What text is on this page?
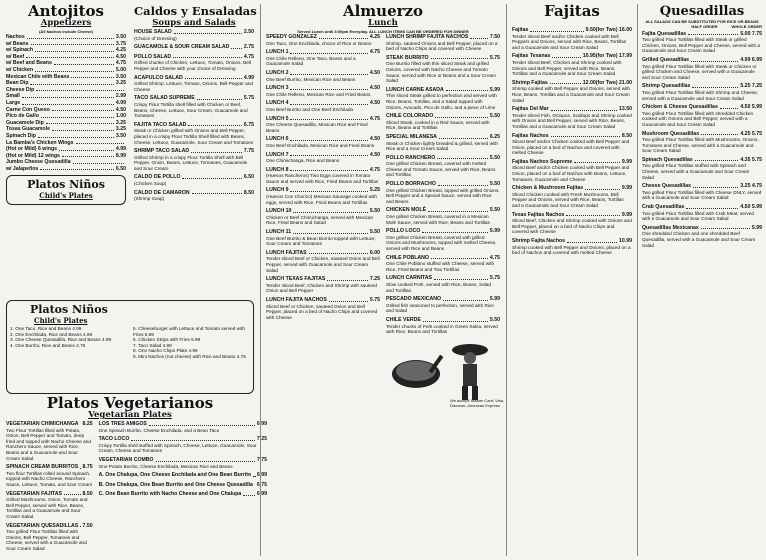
Antojitos
Appetizers
(All Nachos include Cheese)
Nachos	3.50
w/ Beans	3.75
w/ Spinach	4.25
w/ Beef	4.50
w/ Beef and Beans	4.75
w/ Chicken	5.00
Mexican Chile with Beans	3.50
Bean Dip	3.25
Cheese Dip
Small	2.99
Large	4.99
Carne Con Queso	4.50
Pico de Gallo	1.00
Guacamole Dip	3.25
Tosas Guacamole	3.25
Spinach Dip	3.50
La Bamba's Chicken Wings
(Hot or Mild) 6 wings	4.99
(Hot or Mild) 12 wings	8.99
Jumbo Cheese Quesadilla
w/ Jalapeños	6.50
Platos Niños
Child's Plates
Platos Niños
Child's Plates
1. One Taco, Rice and Beans 4.99
2. One Enchilada, Rice and Beans 4.99
3. One Cheese Quesadilla, Rice and Beans 4.99
4. One Burrito, Rice and Beans 4.75
5. Cheeseburger with Lettuce and Tomato served with Fries 5.99
6. Chicken Strips with Fries 5.99
7. Taco Salad 4.99
8. One Nacho Chips Plate 4.99
9. Mini Nachos (not cheese) with Rice and Beans 4.75
Platos Vegetarianos
Vegetarian Plates
VEGETARIAN CHIMICHANGA 8.25
Two Flour Tortillas filled with Potato, Onion, Bell Pepper and Tomato, deep fried and topped with Nacho Cheese and Ranchero Sauce, served with Rice, Beans and a Guacamole and Sour Cream Salad
SPINACH CREAM BURRITOS 8.75
Two flour Tortillas rolled around Spinach, topped with Nacho Cheese, Ranchero Sauce, Lettuce, Tomato, and Sour Cream
VEGETARIAN FAJITAS	8.50
Grilled Mushrooms, Onion, Tomato and Bell Pepper, served with Rice, Beans, Tortillas and a Guacamole and Sour Cream Salad
VEGETARIAN QUESADILLAS 7.50
Two grilled Flour Tortillas filled with Onions, Bell Pepper, Tomatoes and Cheese, served with a Guacamole and Sour Cream Salad
LOS TRES AMIGOS	6.99
One Spinach Burrito, Cheese Enchilada, and a Bean Taco
TACO LOCO	7.25
Crispy Tortilla shell stuffed with Spinach, Cheese, Lettuce, Guacamole, Sour Cream, Cheese and Tomatoes
VEGETARIAN COMBO	7.75
One Potato Burrito, Cheese Enchilada, Mexican Rice and Beans
A. One Chalupa, One Cheese Enchilada and One Bean Burrito 6.99
B. One Chalupa, One Bean Burrito and One Cheese Quesadilla 6.75
C. One Bean Burrito with Nacho Cheese and One Chalupa	6.99
Caldos y Ensaladas
Soups and Salads
HOUSE SALAD	2.50
(Choice of Dressing)
GUACAMOLE & SOUR CREAM SALAD	2.75
POLLO SALAD	4.75
Grilled chunks of Chicken, Lettuce, Tomato, Onions, Bell Pepper and Cheese with your choice of Dressing
ACAPULCO SALAD	4.99
Grilled Shrimp, Lettuce, Tomato, Onions, Bell Pepper and Cheese
TACO SALAD SUPREME	5.75
Crispy Flour Tortilla shell filled with Chicken or Beef, Beans, Cheese, Lettuce, Sour Cream, Guacamole and Tomatoes
FAJITA TACO SALAD	6.75
Steak or Chicken grilled with Onions and Bell Pepper, placed in a crispy Flour Tortilla Shell filled with Beans, Cheese, Lettuce, Guacamole, Sour Cream and Tomatoes
SHRIMP TACO SALAD	7.75
Grilled Shrimp in a crispy Flour Tortilla Shell with Bell Pepper, Onion, Beans, Lettuce, Tomatoes, Guacamole and Sour Cream
CALDO DE POLLO	6.50
(Chicken Soup)
CALDO DE CAMARON	8.50
(Shrimp Soup)
Almuerzo
Lunch
Served Lunch until 3:00pm Everyday. ALL LUNCH ITEMS CAN BE ORDERED FOR DINNER
SPEEDY GONZALEZ	4.25
One Taco, One Enchilada, choice of Rice or Beans
LUNCH 1	4.75
One Chile Relleno, One Taco, Beans and a Guacamole Salad
LUNCH 2	4.50
One Beef Burrito, Mexican Rice and Beans
LUNCH 3	4.50
One Chile Relleno, Mexican Rice and Fried Beans
LUNCH 4	4.50
One Beef Burrito and One Beef Enchilada
LUNCH 5	4.75
One Cheese Quesadilla, Mexican Rice and Fried Beans
LUNCH 6	4.50
One Beef Enchilada, Mexican Rice and Fried Beans
LUNCH 7	4.50
One Chimichanga, Rice and Beans
LUNCH 8	4.75
(Huevos Rancheros) Two Eggs covered in Tomato Sauce and served with Rice, Fried Beans and Tortillas
LUNCH 9	5.25
(Huevos Con Chorizo) Mexican Sausage cooked with eggs, served with Rice, Fried Beans and Tortillas
LUNCH 10	5.50
Chicken or Beef Chimichanga, served with Mexican Rice, Fried Beans and Salad
LUNCH 11	5.50
One Beef Burrito & Bean Burrito topped with Lettuce, Sour Cream and Tomatoes
LUNCH FAJITAS	6.00
Tender sliced Beef or Chicken, sauteed Onion and Bell Pepper, served with Guacamole and Sour Cream Salad
LUNCH TEXAS FAJITAS	7.25
Tender sliced Beef, Chicken and Shrimp with sauteed Onion and Bell Pepper
LUNCH FAJITA NACHOS	5.75
Sliced Beef or Chicken, sauteed Onion and Bell Pepper, placed on a bed of Nacho Chips and covered with Cheese
LUNCH SHRIMP FAJITA NACHOS	7.50
Shrimp, sauteed Onions and Bell Pepper, placed on a bed of Nacho Chips and covered with Cheese
STEAK BURRITO	5.75
One Burrito filled with thin sliced Steak and grilled Onions, covered with Nacho Cheese and Tomato Sauce, served with Rice or Beans and a Sour Cream Salad
LUNCH CARNE ASADA	5.99
Thin sliced Steak grilled to perfection and served with Rice, Beans, Tortillas, and a Salad topped with Onions, Avocado, Pico de Gallo, and a piece of Lime
CHILE COLORADO	5.50
Sliced Steak, cooked in a Red Sauce, served with Rice, Beans and Tortillas
SPECIAL MILANESA	6.25
Steak or Chicken lightly breaded & grilled, served with Rice and a Sour Cream Salad
POLLO RANCHERO	5.50
One grilled Chicken Breast, covered with melted Cheese and Tomato Sauce, served with Rice, Beans and Tortillas
POLLO BORRACHO	5.50
One grilled Chicken Breast, topped with grilled Onions, Bell Pepper and a Special Sauce, served with Rice and Beans
CHICKEN MOLÉ	5.50
One grilled Chicken Breast, covered in a Mexican Molé Sauce, served with Rice, Beans and Tortillas
POLLO LOCO	5.99
One grilled Chicken Breast, covered with grilled Onions and Mushrooms, topped with melted Cheese, served with Rice and Beans
CHILE POBLANO	4.75
One Chile Poblano stuffed with Cheese, served with Rice, Fried Beans and Two Tortillas
LUNCH CARNITAS	5.75
Slow cooked Pork, served with Rice, Beans, Salad and Tortillas
PESCADO MEXICANO	5.99
Grilled fish seasoned to perfection, served with Rice and Salad
CHILE VERDE	5.50
Tender chucks of Pork cooked in Green Salsa, served with Rice, Beans and Tortillas
We accept: Master Card, Visa, Discover, American Express
Fajitas
Fajitas	9.50 (for Two) 16.00
Tender sliced Beef and/or Chicken cooked with Bell Peppers and Onions, served with Rice, Beans, Tortillas and a Guacamole and Sour Cream Salad
Fajitas Texanas	10.95 (for Two) 17.99
Tender sliced Beef, Chicken and Shrimp cooked with Onions and Bell Pepper, served with Rice, Beans, Tortillas and a Guacamole and Sour Cream Salad
Shrimp Fajitas	12.00 (for Two) 21.00
Shrimp cooked with Bell Pepper and Onions, served with Rice, Beans, Tortillas and a Guacamole and Sour Cream Salad
Fajitas Del Mar	13.50
Tender sliced Fish, Octopus, Scallops and Shrimp cooked with Onions and Bell Pepper, served with Rice, Beans, Tortillas and a Guacamole and Sour Cream Salad
Fajitas Nachos	8.50
Sliced Beef and/or Chicken cooked with Bell Pepper and Onion, placed on a bed of Nachos and covered with melted Cheese
Fajitas Nachos Supreme	9.99
Sliced Beef and/or Chicken cooked with Bell Pepper and Onion, placed on a bed of Nachos with Beans, Lettuce, Tomatoes, Guacamole and Cheese
Chicken & Mushroom Fajitas	9.99
Sliced Chicken cooked with Fresh Mushrooms, Bell Pepper and Onions, served with Rice, Beans, Tortillas and a Guacamole and Sour Cream Salad
Texas Fajitas Nachos	9.99
Sliced Beef, Chicken and Shrimp cooked with Onions and Bell Pepper, placed on a bed of Nacho Chips and covered with Cheese
Shrimp Fajita Nachos	10.99
Shrimp cooked with Bell Pepper and Onions, placed on a bed of Nachos and covered with melted Cheese
Quesadillas
ALL SALADS CAN BE SUBSTITUTED FOR RICE OR BEANS
HALF ORDER	WHOLE ORDER
Fajita Quesadillas	5.00 7.75
Two grilled Flour Tortillas filled with Steak or grilled Chicken, Onions, Bell Pepper and Cheese, served with a Guacamole and Sour Cream Salad
Grilled Quesadillas	4.99 6.99
Two grilled Flour Tortillas filled with Steak or Chicken or grilled Chicken and Cheese, served with a Guacamole and Sour Cream Salad
Shrimp Quesadillas	5.25 7.25
Two grilled Flour Tortillas filled with Shrimp and Cheese, served with a Guacamole and Sour Cream Salad
Chicken & Cheese Quesadillas	4.50 5.99
Two grilled Flour Tortillas filled with shredded Chicken cooked with Onions and Bell Pepper, served with a Guacamole and Sour Cream Salad
Mushroom Quesadillas	4.25 5.75
Two grilled Flour Tortillas filled with Mushrooms, Onions, Tomatoes and Cheese, served with a Guacamole and Sour Cream Salad
Spinach Quesadillas	4.35 5.75
Two grilled Flour Tortillas stuffed with Spinach and Cheese, served with a Guacamole and Sour Cream Salad
Cheese Quesadillas	3.25 4.75
Two grilled Flour Tortillas filled with Cheese ONLY, served with a Guacamole and Sour Cream Salad
Crab Quesadillas	4.50 5.99
Two grilled Flour Tortillas filled with Crab Meat, served with a Guacamole and Sour Cream Salad
Quesadillas Mexicanas	5.99
One shredded Chicken and one shredded Beef Quesadilla, served with a Guacamole and Sour Cream Salad
